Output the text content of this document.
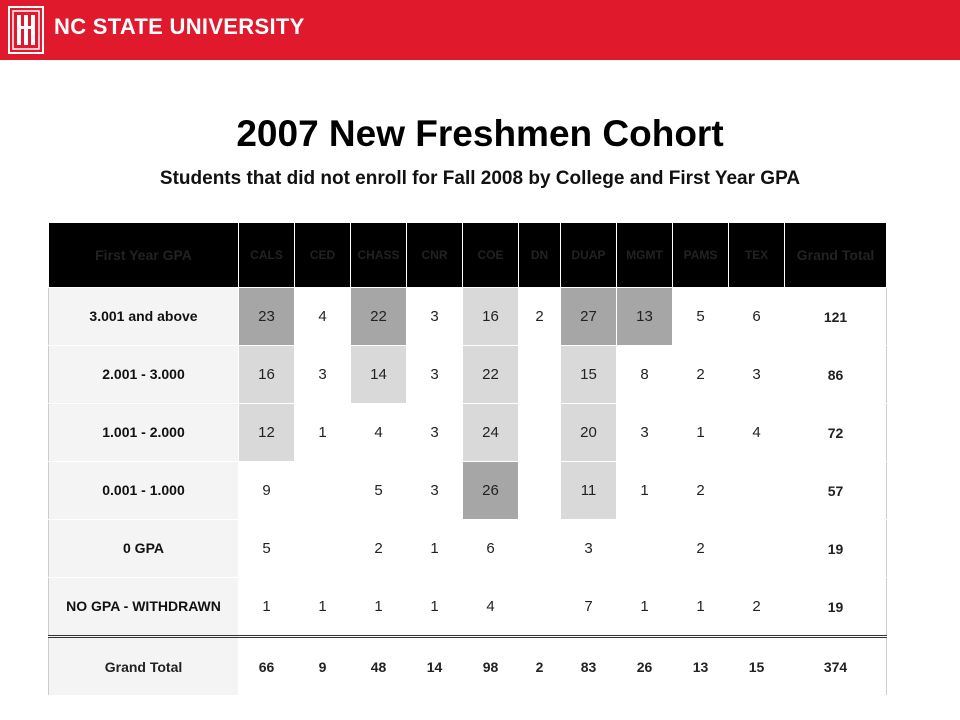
NC STATE UNIVERSITY
2007 New Freshmen Cohort
Students that did not enroll for Fall 2008 by College and First Year GPA
First Year GPA	CALS	CED	CHASS	CNR	COE	DN	DUAP	MGMT	PAMS	TEX	Grand Total
3.001 and above	23	4	22	3	16	2	27	13	5	6	121
2.001 - 3.000	16	3	14	3	22		15	8	2	3	86
1.001 - 2.000	12	1	4	3	24		20	3	1	4	72
0.001 - 1.000	9		5	3	26		11	1	2		57
0 GPA	5		2	1	6		3		2		19
NO GPA - WITHDRAWN	1	1	1	1	4		7	1	1	2	19
Grand Total	66	9	48	14	98	2	83	26	13	15	374
